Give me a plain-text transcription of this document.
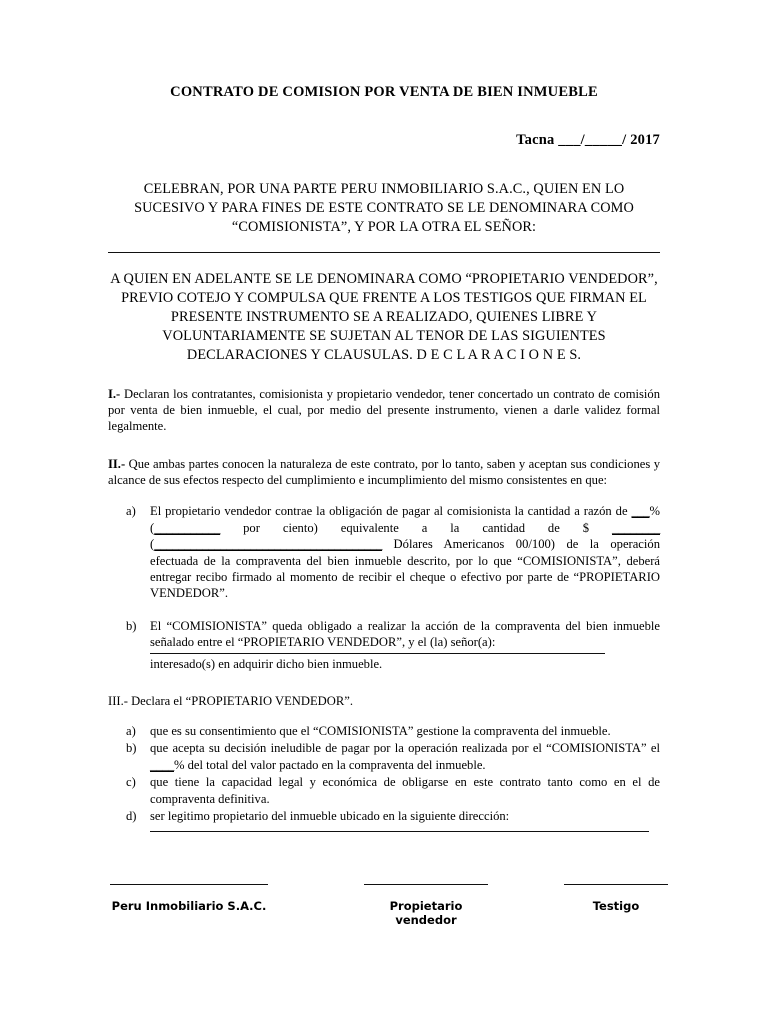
CONTRATO DE COMISION POR VENTA DE BIEN INMUEBLE
Tacna ___/_____/ 2017

CELEBRAN, POR UNA PARTE PERU INMOBILIARIO S.A.C., QUIEN EN LO SUCESIVO Y PARA FINES DE ESTE CONTRATO SE LE DENOMINARA COMO “COMISIONISTA”, Y POR LA OTRA EL SEÑOR:

A QUIEN EN ADELANTE SE LE DENOMINARA COMO “PROPIETARIO VENDEDOR”, PREVIO COTEJO Y COMPULSA QUE FRENTE A LOS TESTIGOS QUE FIRMAN EL PRESENTE INSTRUMENTO SE A REALIZADO, QUIENES LIBRE Y VOLUNTARIAMENTE SE SUJETAN AL TENOR DE LAS SIGUIENTES DECLARACIONES Y CLAUSULAS. D E C L A R A C I O N E S.

I.- Declaran los contratantes, comisionista y propietario vendedor, tener concertado un contrato de comisión por venta de bien inmueble, el cual, por medio del presente instrumento, vienen a darle validez formal legalmente.

II.- Que ambas partes conocen la naturaleza de este contrato, por lo tanto, saben y aceptan sus condiciones y alcance de sus efectos respecto del cumplimiento e incumplimiento del mismo consistentes en que:

a) El propietario vendedor contrae la obligación de pagar al comisionista la cantidad a razón de ___% (___________ por ciento) equivalente a la cantidad de $ ________ (______________________________________ Dólares Americanos 00/100) de la operación efectuada de la compraventa del bien inmueble descrito, por lo que “COMISIONISTA”, deberá entregar recibo firmado al momento de recibir el cheque o efectivo por parte de “PROPIETARIO VENDEDOR”.
b) El “COMISIONISTA” queda obligado a realizar la acción de la compraventa del bien inmueble señalado entre el “PROPIETARIO VENDEDOR”, y el (la) señor(a):
interesado(s) en adquirir dicho bien inmueble.

III.- Declara el “PROPIETARIO VENDEDOR”.

a) que es su consentimiento que el “COMISIONISTA” gestione la compraventa del inmueble.
b) que acepta su decisión ineludible de pagar por la operación realizada por el “COMISIONISTA” el ____% del total del valor pactado en la compraventa del inmueble.
c) que tiene la capacidad legal y económica de obligarse en este contrato tanto como en el de compraventa definitiva.
d) ser legitimo propietario del inmueble ubicado en la siguiente dirección:
Peru Inmobiliario S.A.C.	Propietario vendedor
Testigo
